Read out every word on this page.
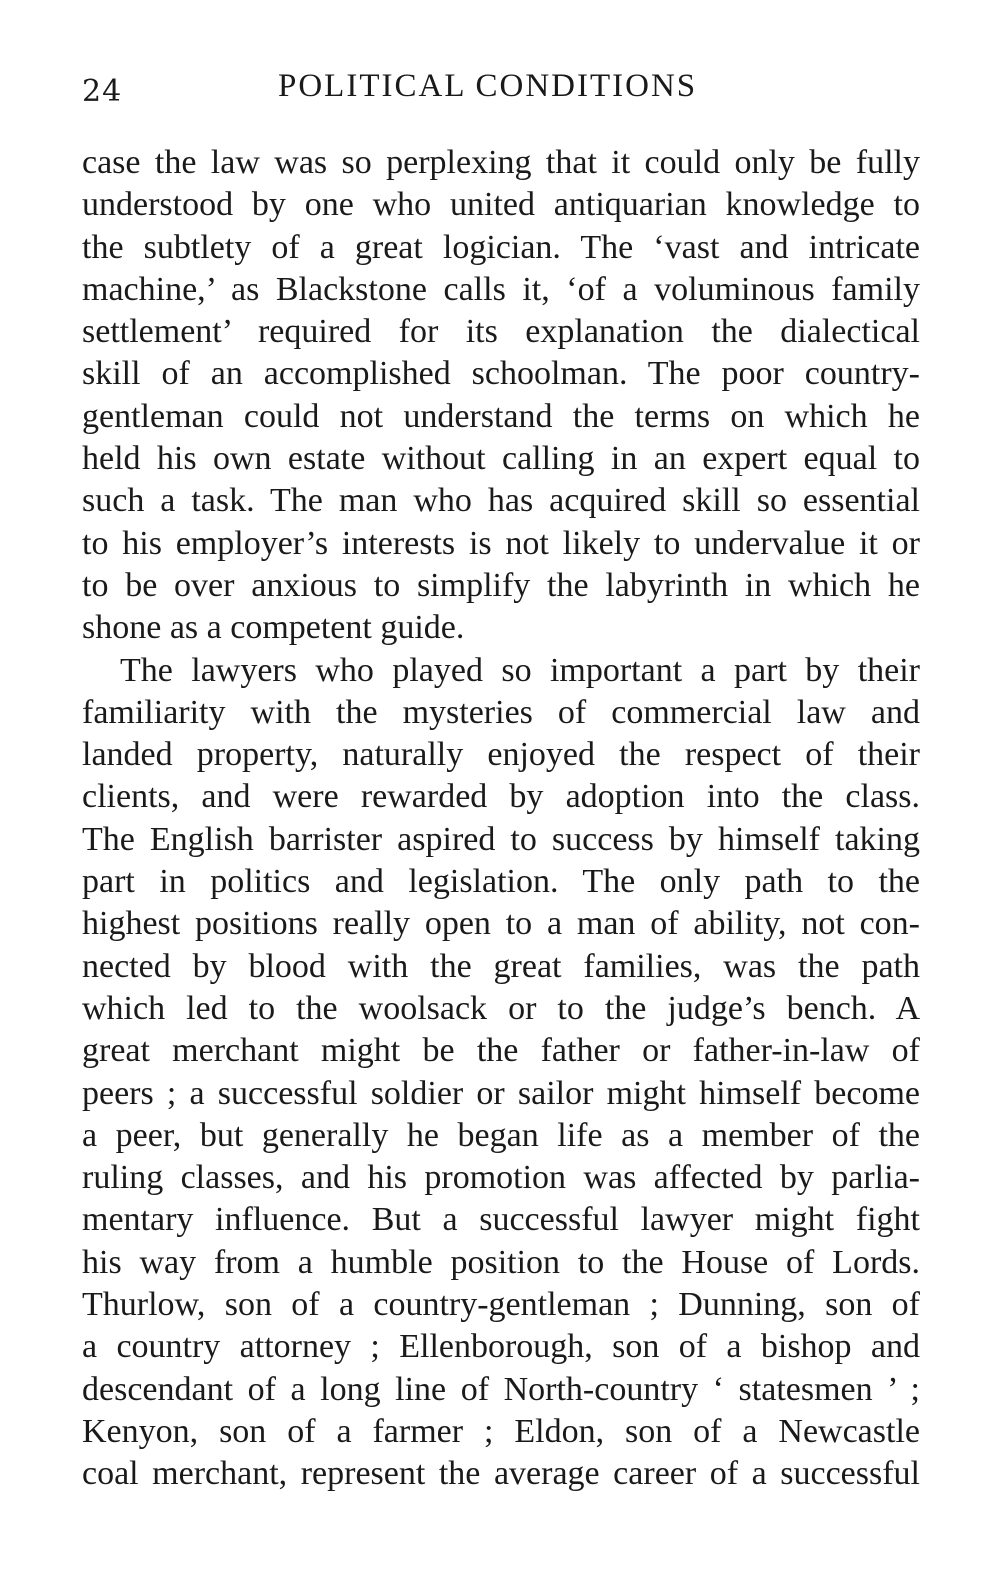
24	POLITICAL CONDITIONS
case the law was so perplexing that it could only be fully
understood by one who united antiquarian knowledge to
the subtlety of a great logician. The ‘vast and intricate
machine,’ as Blackstone calls it, ‘of a voluminous family
settlement’ required for its explanation the dialectical
skill of an accomplished schoolman. The poor country-
gentleman could not understand the terms on which he
held his own estate without calling in an expert equal to
such a task. The man who has acquired skill so essential
to his employer’s interests is not likely to undervalue it or
to be over anxious to simplify the labyrinth in which he
shone as a competent guide.
The lawyers who played so important a part by their
familiarity with the mysteries of commercial law and
landed property, naturally enjoyed the respect of their
clients, and were rewarded by adoption into the class.
The English barrister aspired to success by himself taking
part in politics and legislation. The only path to the
highest positions really open to a man of ability, not con-
nected by blood with the great families, was the path
which led to the woolsack or to the judge’s bench. A
great merchant might be the father or father-in-law of
peers ; a successful soldier or sailor might himself become
a peer, but generally he began life as a member of the
ruling classes, and his promotion was affected by parlia-
mentary influence. But a successful lawyer might fight
his way from a humble position to the House of Lords.
Thurlow, son of a country-gentleman ; Dunning, son of
a country attorney ; Ellenborough, son of a bishop and
descendant of a long line of North-country ‘ statesmen ’ ;
Kenyon, son of a farmer ; Eldon, son of a Newcastle
coal merchant, represent the average career of a successful
